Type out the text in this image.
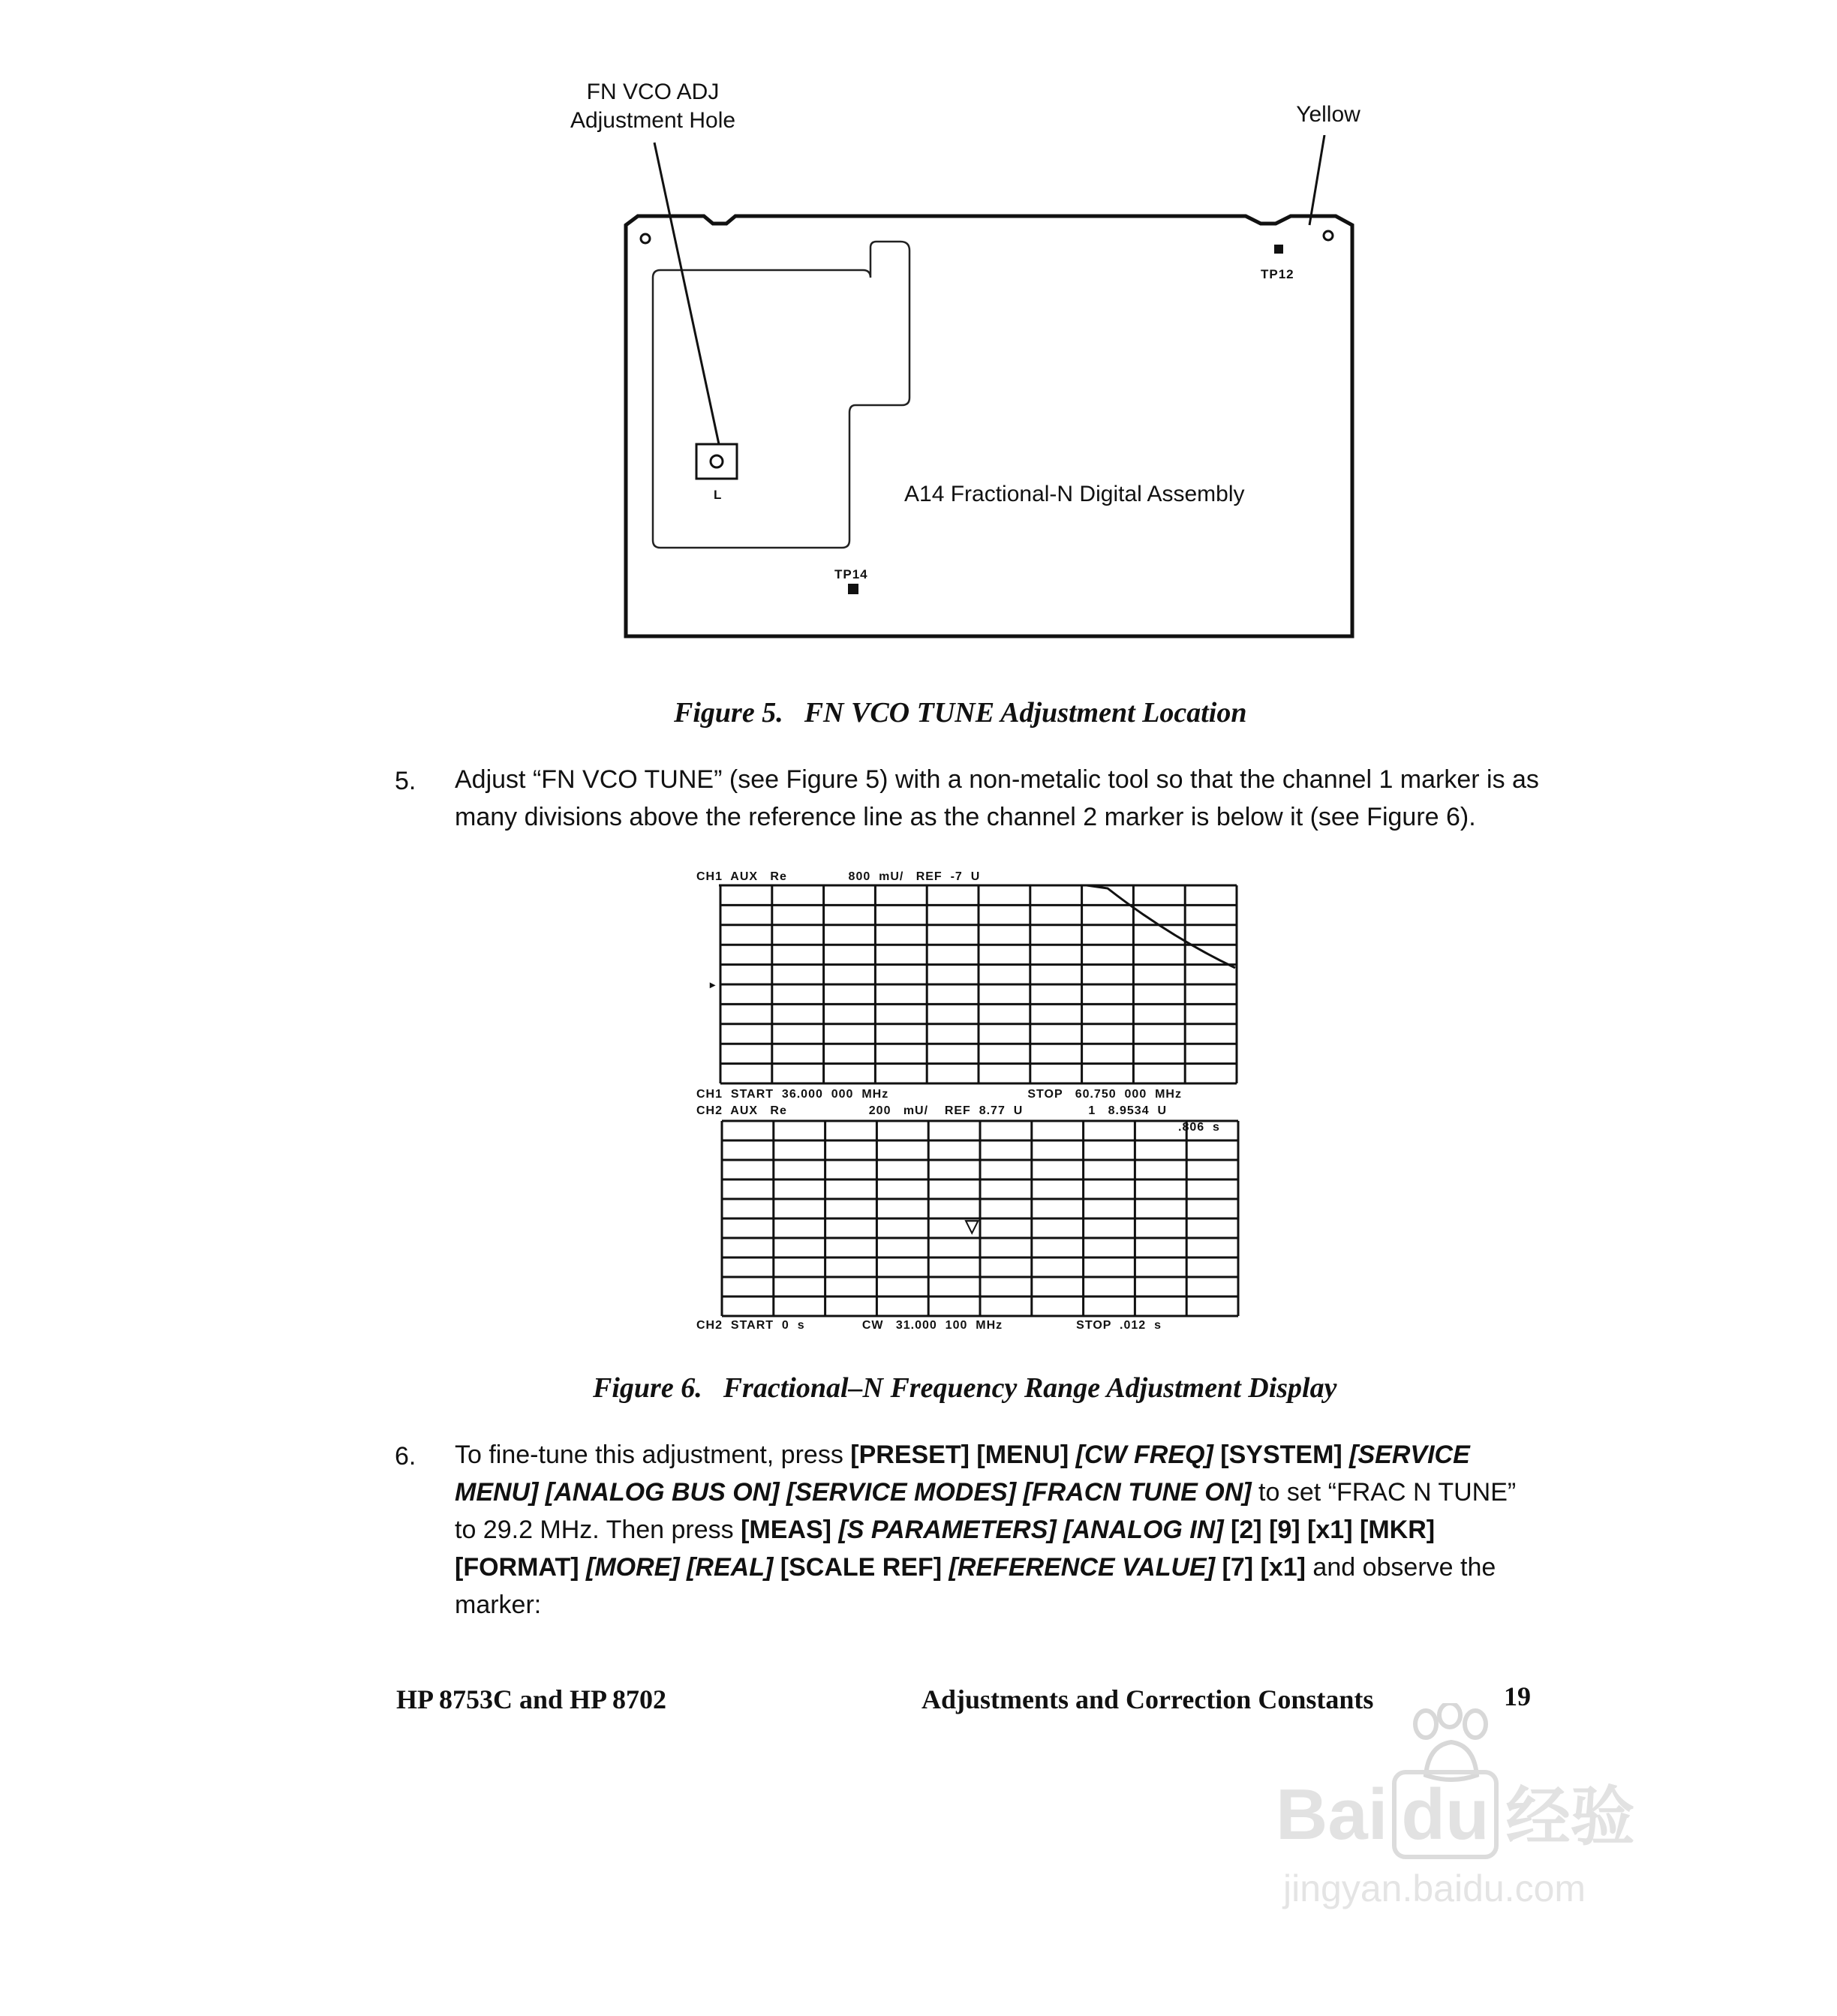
FN VCO ADJ
Adjustment Hole	Yellow
TP12
TP14
L	A14 Fractional-N Digital Assembly
Figure 5. FN VCO TUNE Adjustment Location
5. Adjust “FN VCO TUNE” (see Figure 5) with a non-metalic tool so that the channel 1 marker is as many divisions above the reference line as the channel 2 marker is below it (see Figure 6).
CH1  AUX   Re               800  mU/   REF  -7  U
▸
CH1  START  36.000  000  MHz                                  STOP   60.750  000  MHz
CH2  AUX   Re                    200   mU/    REF  8.77  U                1   8.9534  U
.806  s
▽
CH2  START  0  s              CW   31.000  100  MHz                  STOP  .012  s
Figure 6. Fractional–N Frequency Range Adjustment Display
6. To fine-tune this adjustment, press [PRESET] [MENU] [CW FREQ] [SYSTEM] [SERVICE MENU] [ANALOG BUS ON] [SERVICE MODES] [FRACN TUNE ON] to set “FRAC N TUNE” to 29.2 MHz. Then press [MEAS] [S PARAMETERS] [ANALOG IN] [2] [9] [x1] [MKR] [FORMAT] [MORE] [REAL] [SCALE REF] [REFERENCE VALUE] [7] [x1] and observe the marker:
HP 8753C and HP 8702	Adjustments and Correction Constants	19
Bai du 经验
jingyan.baidu.com
